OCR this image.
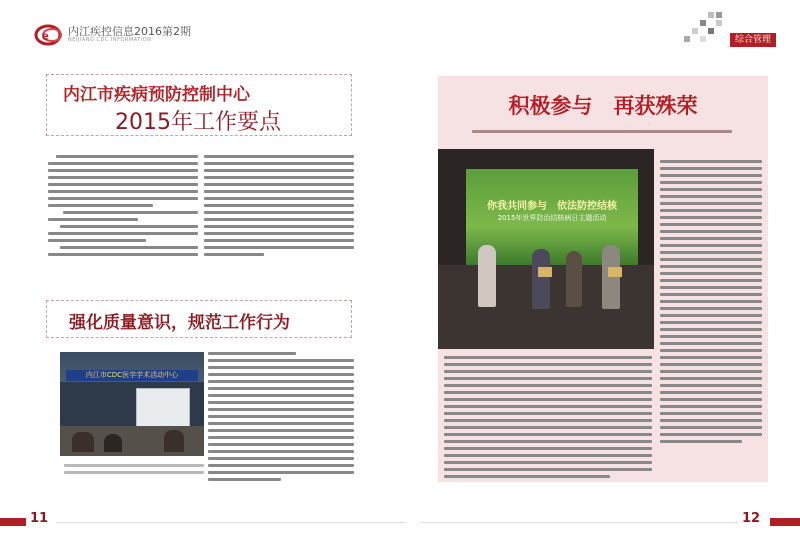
e 内江疾控信息2016第2期
NEIJIANG CDC INFORMATION	综合管理
内江市疾病预防控制中心
2015年工作要点
强化质量意识，规范工作行为
内江市CDC医学学术活动中心
11
积极参与　再获殊荣
你我共同参与　依法防控结核
2015年世界防治结核病日主题活动
12
